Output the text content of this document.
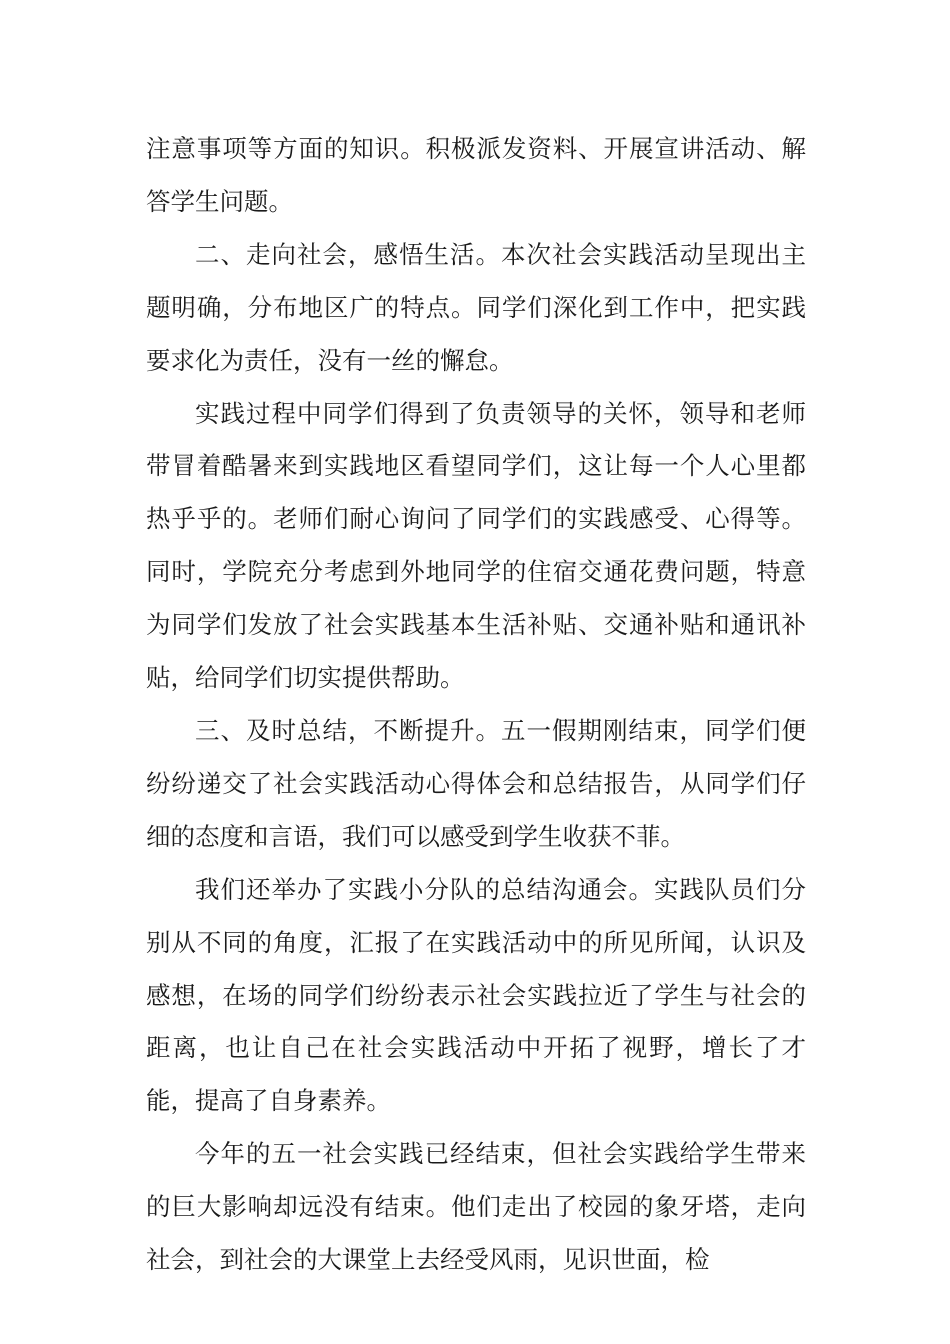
注意事项等方面的知识。积极派发资料、开展宣讲活动、解答学生问题。

二、走向社会，感悟生活。本次社会实践活动呈现出主题明确，分布地区广的特点。同学们深化到工作中，把实践要求化为责任，没有一丝的懈怠。

实践过程中同学们得到了负责领导的关怀，领导和老师带冒着酷暑来到实践地区看望同学们，这让每一个人心里都热乎乎的。老师们耐心询问了同学们的实践感受、心得等。同时，学院充分考虑到外地同学的住宿交通花费问题，特意为同学们发放了社会实践基本生活补贴、交通补贴和通讯补贴，给同学们切实提供帮助。

三、及时总结，不断提升。五一假期刚结束，同学们便纷纷递交了社会实践活动心得体会和总结报告，从同学们仔细的态度和言语，我们可以感受到学生收获不菲。

我们还举办了实践小分队的总结沟通会。实践队员们分别从不同的角度，汇报了在实践活动中的所见所闻，认识及感想，在场的同学们纷纷表示社会实践拉近了学生与社会的距离，也让自己在社会实践活动中开拓了视野，增长了才能，提高了自身素养。

今年的五一社会实践已经结束，但社会实践给学生带来的巨大影响却远没有结束。他们走出了校园的象牙塔，走向社会，到社会的大课堂上去经受风雨，见识世面，检
